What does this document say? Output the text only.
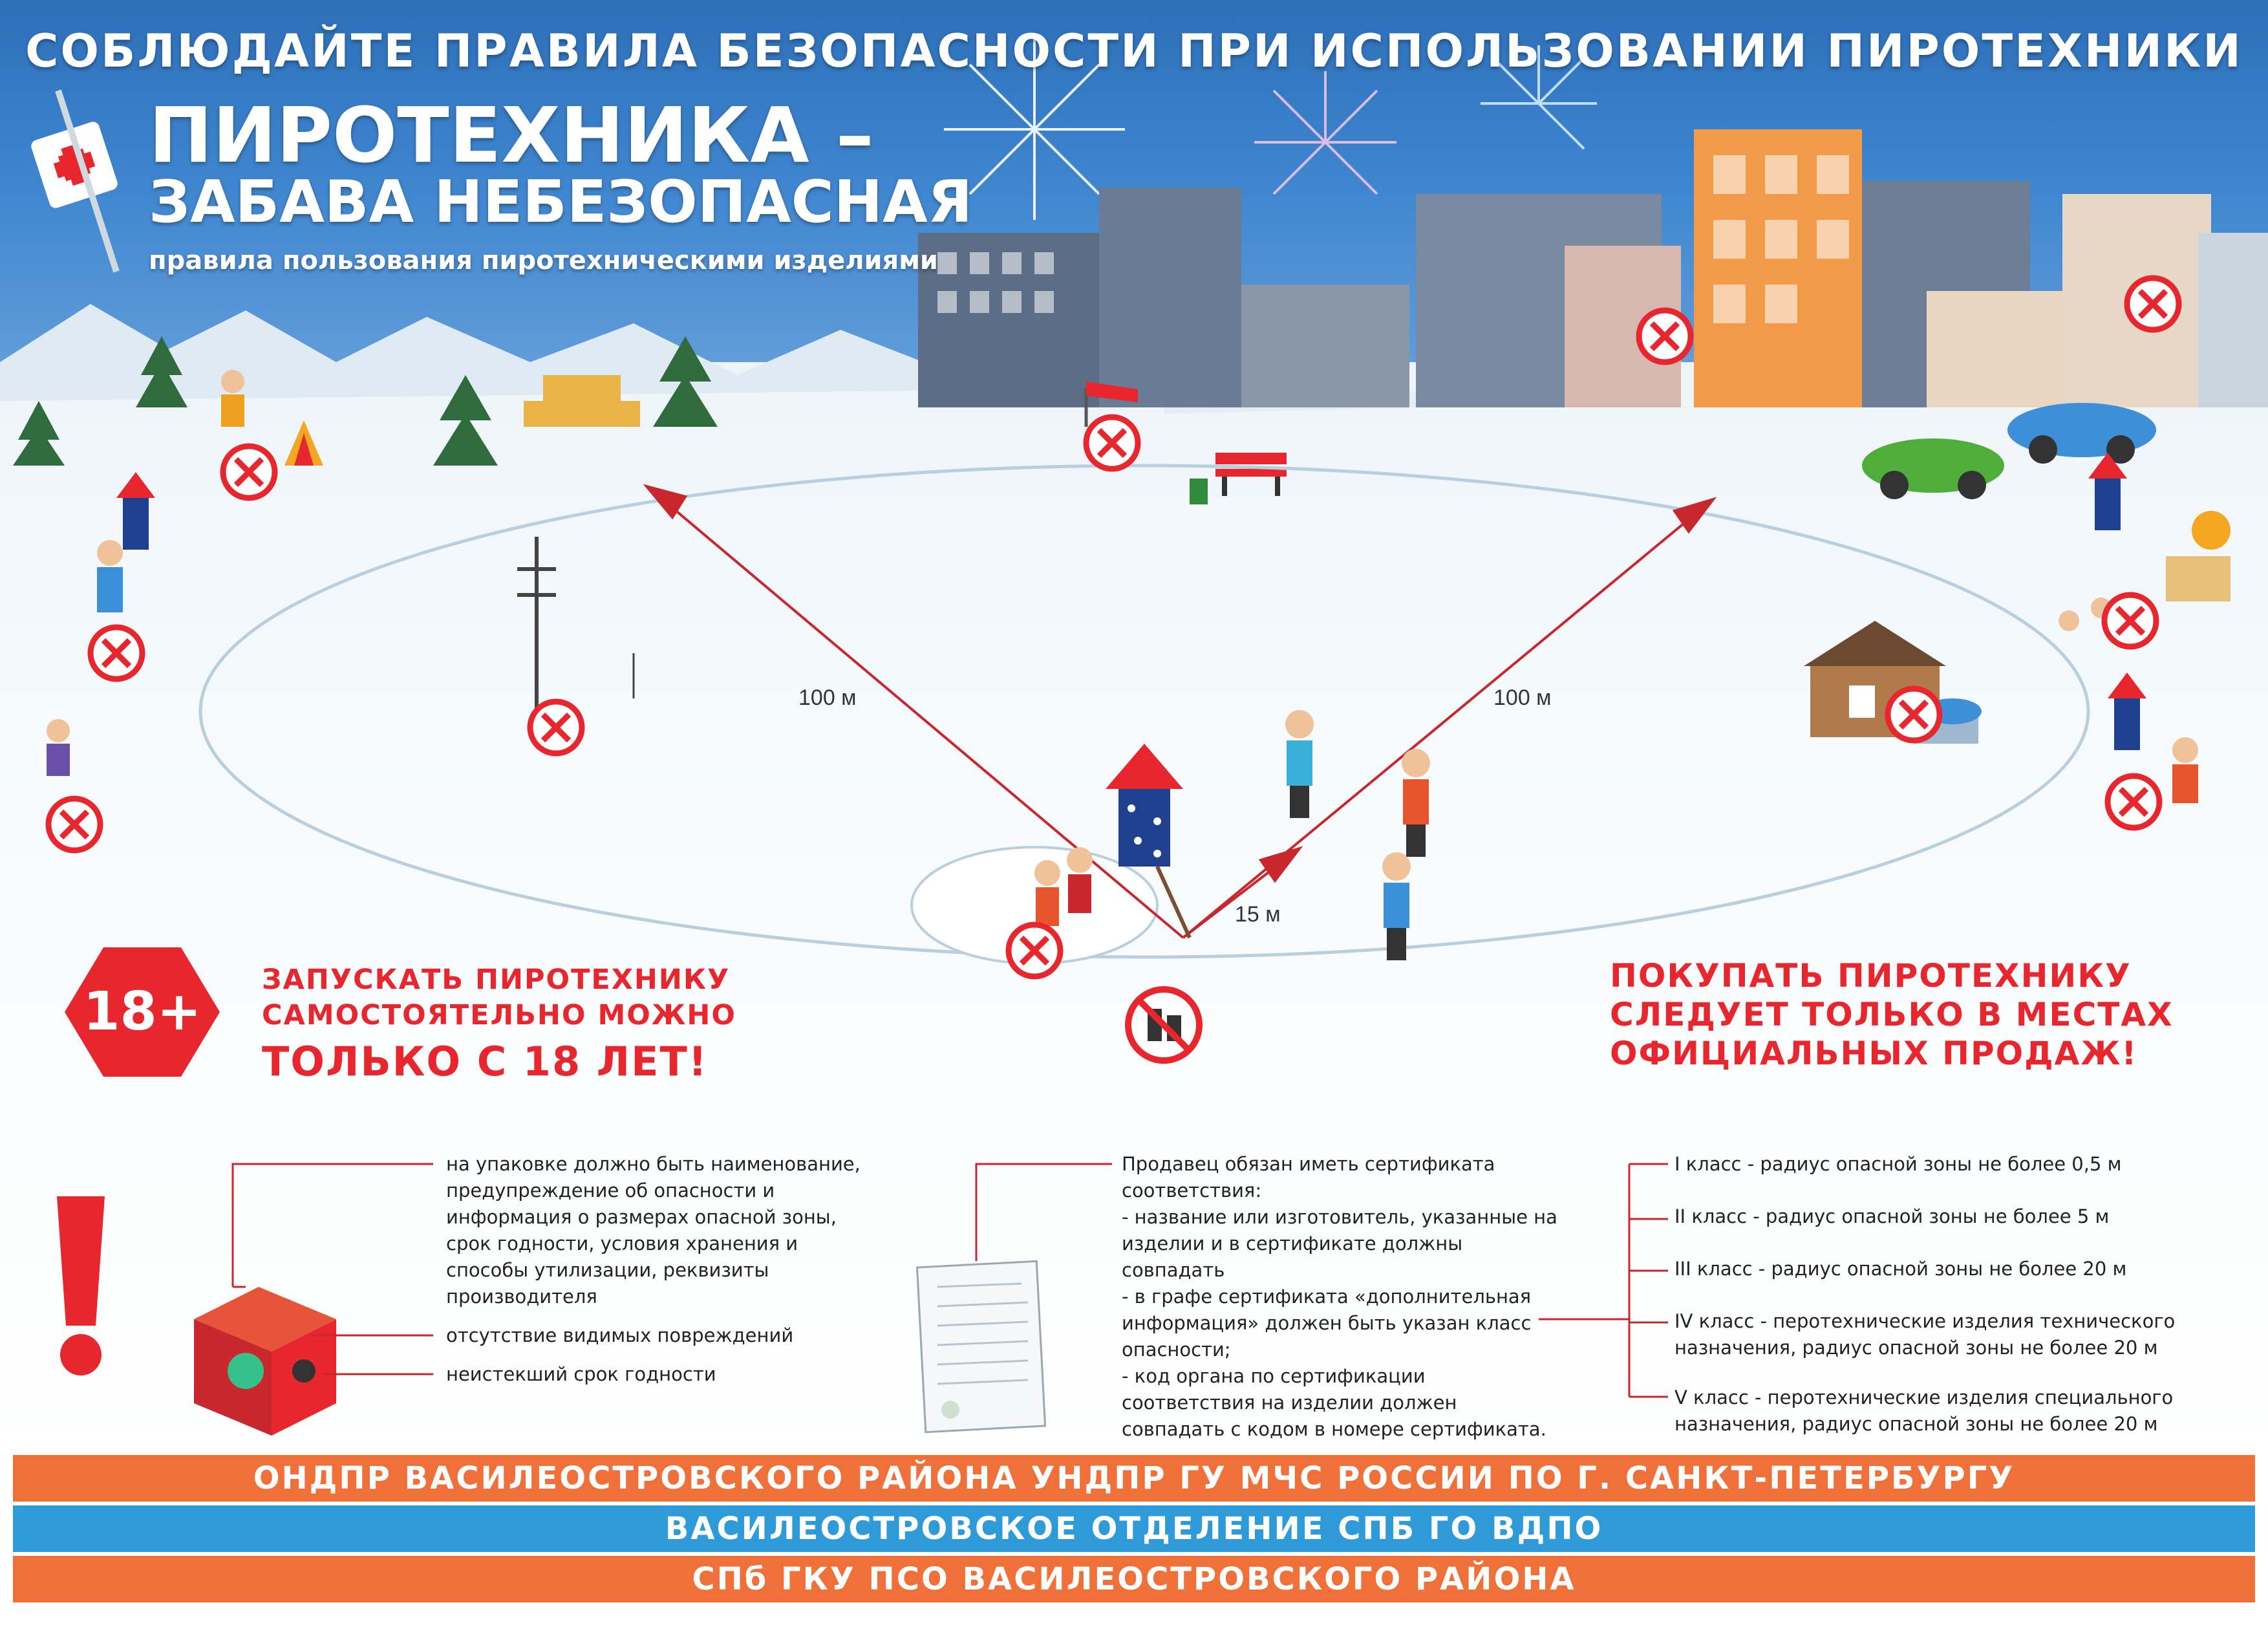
СОБЛЮДАЙТЕ ПРАВИЛА БЕЗОПАСНОСТИ ПРИ ИСПОЛЬЗОВАНИИ ПИРОТЕХНИКИ
ПИРОТЕХНИКА –
ЗАБАВА НЕБЕЗОПАСНАЯ
правила пользования пиротехническими изделиями
100 м	100 м
15 м
18+
ЗАПУСКАТЬ ПИРОТЕХНИКУ
САМОСТОЯТЕЛЬНО МОЖНО
ТОЛЬКО С 18 ЛЕТ!
ПОКУПАТЬ ПИРОТЕХНИКУ
СЛЕДУЕТ ТОЛЬКО В МЕСТАХ
ОФИЦИАЛЬНЫХ ПРОДАЖ!

на упаковке должно быть наименование, предупреждение об опасности и информация о размерах опасной зоны, срок годности, условия хранения и способы утилизации, реквизиты производителя

отсутствие видимых повреждений
неистекший срок годности

Продавец обязан иметь сертификата соответствия:

- название или изготовитель, указанные на изделии и в сертификате должны совпадать

- в графе сертификата «дополнительная информация» должен быть указан класс опасности;

- код органа по сертификации соответствия на изделии должен совпадать с кодом в номере сертификата.

I класс - радиус опасной зоны не более 0,5 м

II класс - радиус опасной зоны не более 5 м

III класс - радиус опасной зоны не более 20 м

IV класс - перотехнические изделия технического назначения, радиус опасной зоны не более 20 м

V класс - перотехнические изделия специального назначения, радиус опасной зоны не более 20 м

ОНДПР ВАСИЛЕОСТРОВСКОГО РАЙОНА УНДПР ГУ МЧС РОССИИ ПО Г. САНКТ-ПЕТЕРБУРГУ
ВАСИЛЕОСТРОВСКОЕ ОТДЕЛЕНИЕ СПБ ГО ВДПО
СПб ГКУ ПСО ВАСИЛЕОСТРОВСКОГО РАЙОНА
